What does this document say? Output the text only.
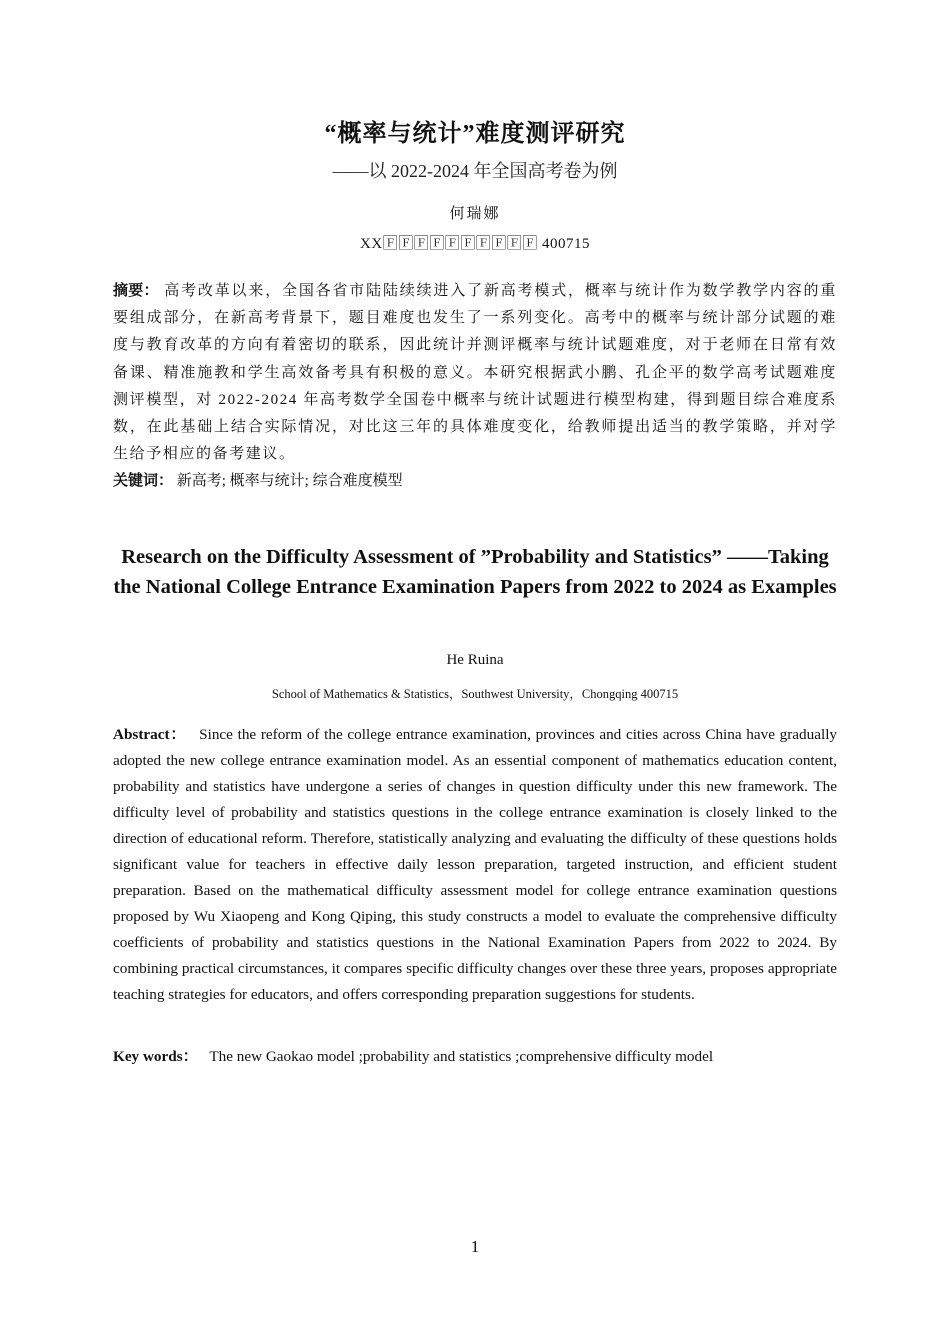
“概率与统计”难度测评研究
——以 2022-2024 年全国高考卷为例
何瑞娜
XX🄵🄵🄵🄵🄵🄵🄵🄵🄵🄵 400715
摘要： 高考改革以来，全国各省市陆陆续续进入了新高考模式，概率与统计作为数学教学内容的重要组成部分，在新高考背景下，题目难度也发生了一系列变化。高考中的概率与统计部分试题的难度与教育改革的方向有着密切的联系，因此统计并测评概率与统计试题难度，对于老师在日常有效备课、精准施教和学生高效备考具有积极的意义。本研究根据武小鹏、孔企平的数学高考试题难度测评模型，对 2022-2024 年高考数学全国卷中概率与统计试题进行模型构建，得到题目综合难度系数，在此基础上结合实际情况，对比这三年的具体难度变化，给教师提出适当的教学策略，并对学生给予相应的备考建议。
关键词： 新高考; 概率与统计; 综合难度模型
Research on the Difficulty Assessment of ”Probability and Statistics” ——Taking the National College Entrance Examination Papers from 2022 to 2024 as Examples
He Ruina
School of Mathematics & Statistics，Southwest University，Chongqing 400715
Abstract： Since the reform of the college entrance examination, provinces and cities across China have gradually adopted the new college entrance examination model. As an essential component of mathematics education content, probability and statistics have undergone a series of changes in question difficulty under this new framework. The difficulty level of probability and statistics questions in the college entrance examination is closely linked to the direction of educational reform. Therefore, statistically analyzing and evaluating the difficulty of these questions holds significant value for teachers in effective daily lesson preparation, targeted instruction, and efficient student preparation. Based on the mathematical difficulty assessment model for college entrance examination questions proposed by Wu Xiaopeng and Kong Qiping, this study constructs a model to evaluate the comprehensive difficulty coefficients of probability and statistics questions in the National Examination Papers from 2022 to 2024. By combining practical circumstances, it compares specific difficulty changes over these three years, proposes appropriate teaching strategies for educators, and offers corresponding preparation suggestions for students.
Key words： The new Gaokao model ;probability and statistics ;comprehensive difficulty model
1
